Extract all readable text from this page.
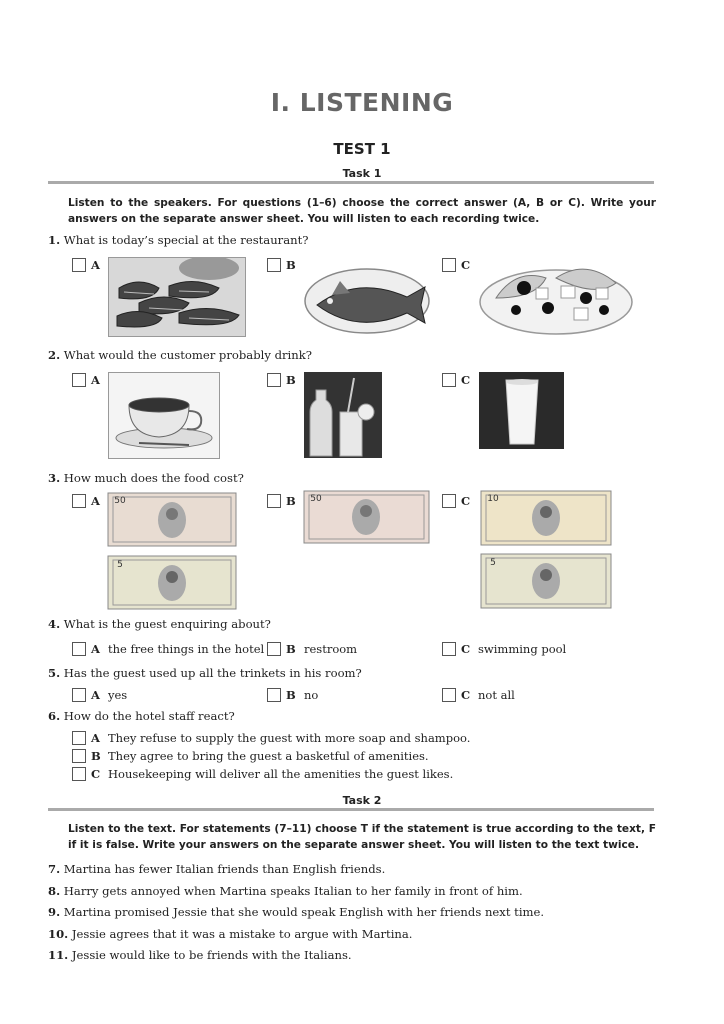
I. LISTENING
TEST 1
Task 1
Listen to the speakers. For questions (1–6) choose the correct answer (A, B or C). Write your answers on the separate answer sheet. You will listen to each recording twice.
1. What is today’s special at the restaurant?
A	B	C
2. What would the customer probably drink?
A	B	C
3. How much does the food cost?
A	50
5
B	50	C	10
5
4. What is the guest enquiring about?
A the free things in the hotel B restroom	C swimming pool
5. Has the guest used up all the trinkets in his room?
A yes	B no	C not all
6. How do the hotel staff react?
A They refuse to supply the guest with more soap and shampoo.
B They agree to bring the guest a basketful of amenities.
C Housekeeping will deliver all the amenities the guest likes.
Task 2
Listen to the text. For statements (7–11) choose T if the statement is true according to the text, F if it is false. Write your answers on the separate answer sheet. You will listen to the text twice.
7. Martina has fewer Italian friends than English friends.
8. Harry gets annoyed when Martina speaks Italian to her family in front of him.
9. Martina promised Jessie that she would speak English with her friends next time.
10. Jessie agrees that it was a mistake to argue with Martina.
11. Jessie would like to be friends with the Italians.
